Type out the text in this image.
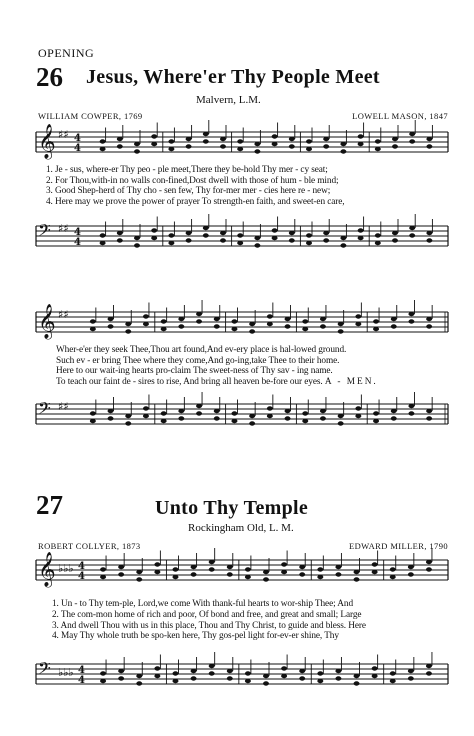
OPENING
26 Jesus, Where'er Thy People Meet
Malvern, L.M.
WILLIAM COWPER, 1769	LOWELL MASON, 1847
𝄞 ♯♯ 4
4
1. Je - sus, where-er Thy peo - ple meet,There they be-hold Thy mer - cy seat;
2. For Thou,with-in no walls con-fined,Dost dwell with those of hum - ble mind;
3. Good Shep-herd of Thy cho - sen few, Thy for-mer mer - cies here re - new;
4. Here may we prove the power of prayer To strength-en faith, and sweet-en care,
𝄢 ♯♯ 4
4
𝄞 ♯♯
Wher-e'er they seek Thee,Thou art found,And ev-ery place is hal-lowed ground.
Such ev - er bring Thee where they come,And go-ing,take Thee to their home.
Here to our wait-ing hearts pro-claim The sweet-ness of Thy sav - ing name.
To teach our faint de - sires to rise, And bring all heaven be-fore our eyes. A - MEN.
𝄢 ♯♯
27	Unto Thy Temple
Rockingham Old, L. M.
ROBERT COLLYER, 1873	EDWARD MILLER, 1790
𝄞 ♭♭♭ 4
4
1. Un - to Thy tem-ple, Lord,we come With thank-ful hearts to wor-ship Thee; And
2. The com-mon home of rich and poor, Of bond and free, and great and small; Large
3. And dwell Thou with us in this place, Thou and Thy Christ, to guide and bless. Here
4. May Thy whole truth be spo-ken here, Thy gos-pel light for-ev-er shine, Thy
𝄢 ♭♭♭ 4
4
